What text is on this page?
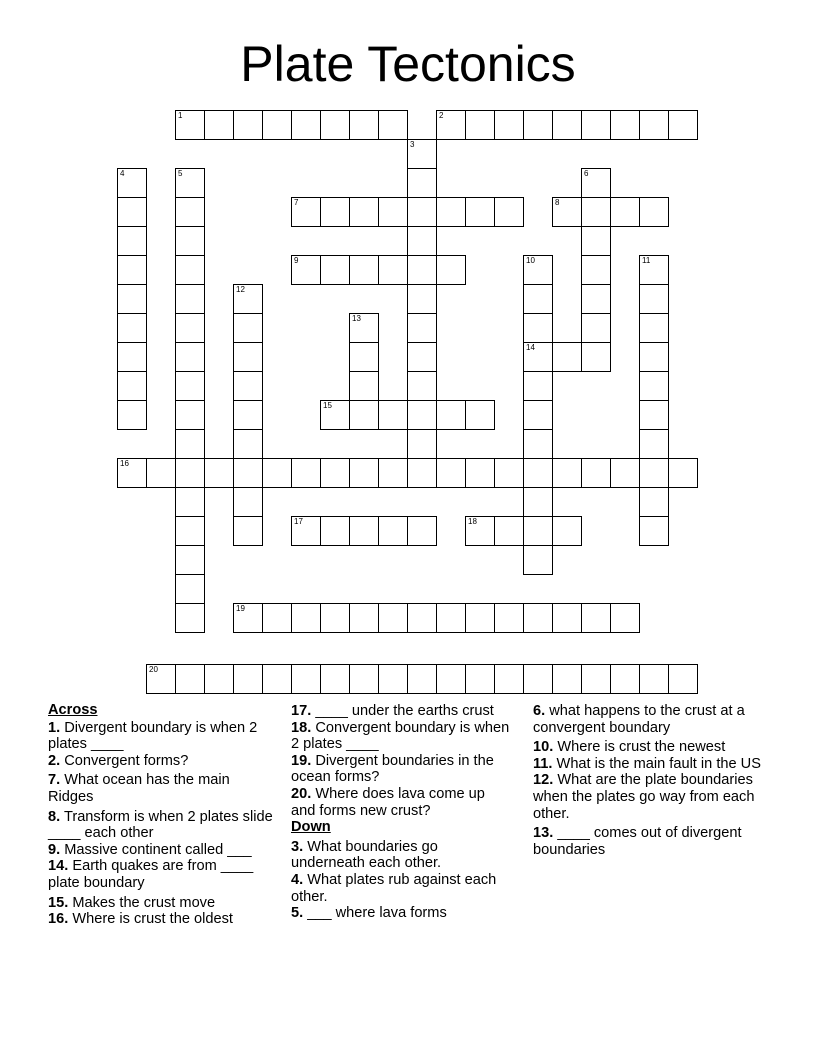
Plate Tectonics
1	2
3
4	5	6
7	8
9	10
14
11
12
13
15
16
17	18
19
20
Across

1. Divergent boundary is when 2 plates ____

2. Convergent forms?

7. What ocean has the main Ridges

8. Transform is when 2 plates slide ____ each other

9. Massive continent called ___

14. Earth quakes are from ____ plate boundary

15. Makes the crust move

16. Where is crust the oldest

17. ____ under the earths crust

18. Convergent boundary is when 2 plates ____

19. Divergent boundaries in the ocean forms?

20. Where does lava come up and forms new crust?

Down

3. What boundaries go underneath each other.

4. What plates rub against each other.

5. ___ where lava forms

6. what happens to the crust at a convergent boundary

10. Where is crust the newest

11. What is the main fault in the US

12. What are the plate boundaries when the plates go way from each other.

13. ____ comes out of divergent boundaries
